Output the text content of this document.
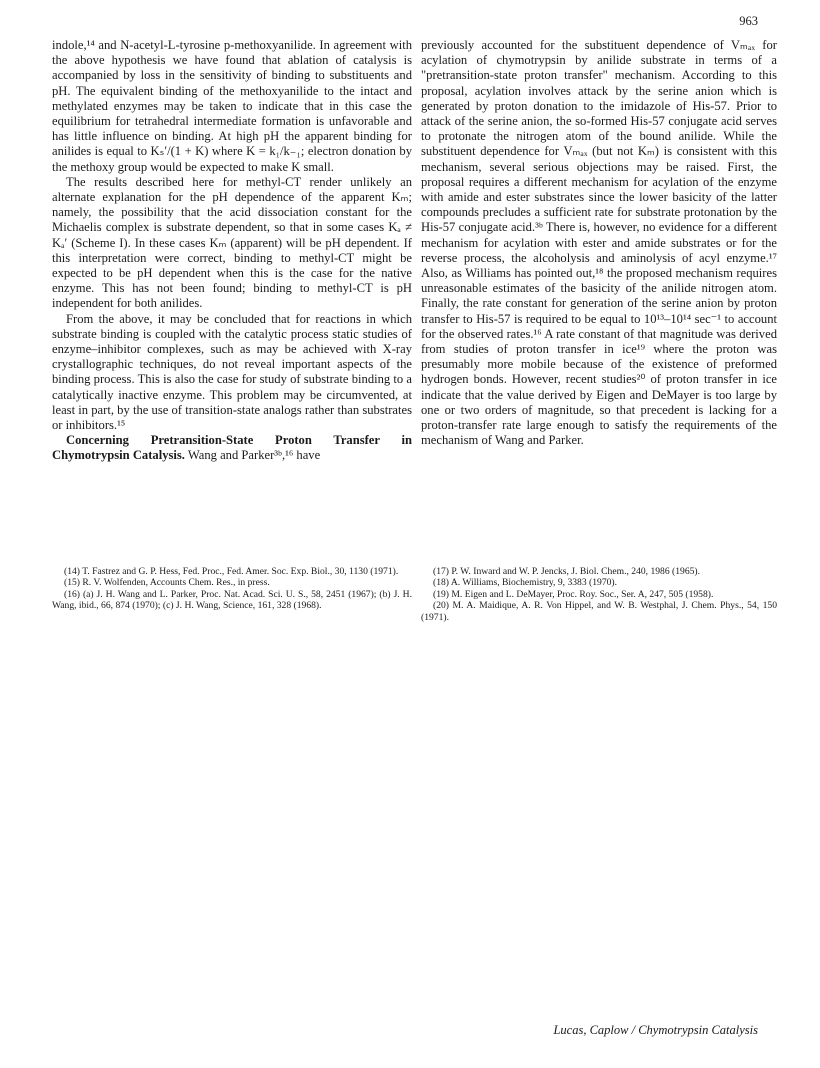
963

indole,¹⁴ and N-acetyl-L-tyrosine p-methoxyanilide. In agreement with the above hypothesis we have found that ablation of catalysis is accompanied by loss in the sensitivity of binding to substituents and pH. The equivalent binding of the methoxyanilide to the intact and methylated enzymes may be taken to indicate that in this case the equilibrium for tetrahedral intermediate formation is unfavorable and has little influence on binding. At high pH the apparent binding for anilides is equal to Kₛ′/(1 + K) where K = k₁/k₋₁; electron donation by the methoxy group would be expected to make K small.

The results described here for methyl-CT render unlikely an alternate explanation for the pH dependence of the apparent Kₘ; namely, the possibility that the acid dissociation constant for the Michaelis complex is substrate dependent, so that in some cases Kₐ ≠ Kₐ′ (Scheme I). In these cases Kₘ (apparent) will be pH dependent. If this interpretation were correct, binding to methyl-CT might be expected to be pH dependent when this is the case for the native enzyme. This has not been found; binding to methyl-CT is pH independent for both anilides.

From the above, it may be concluded that for reactions in which substrate binding is coupled with the catalytic process static studies of enzyme–inhibitor complexes, such as may be achieved with X-ray crystallographic techniques, do not reveal important aspects of the binding process. This is also the case for study of substrate binding to a catalytically inactive enzyme. This problem may be circumvented, at least in part, by the use of transition-state analogs rather than substrates or inhibitors.¹⁵

Concerning Pretransition-State Proton Transfer in Chymotrypsin Catalysis. Wang and Parker³ᵇ,¹⁶ have

previously accounted for the substituent dependence of Vₘₐₓ for acylation of chymotrypsin by anilide substrate in terms of a "pretransition-state proton transfer" mechanism. According to this proposal, acylation involves attack by the serine anion which is generated by proton donation to the imidazole of His-57. Prior to attack of the serine anion, the so-formed His-57 conjugate acid serves to protonate the nitrogen atom of the bound anilide. While the substituent dependence for Vₘₐₓ (but not Kₘ) is consistent with this mechanism, several serious objections may be raised. First, the proposal requires a different mechanism for acylation of the enzyme with amide and ester substrates since the lower basicity of the latter compounds precludes a sufficient rate for substrate protonation by the His-57 conjugate acid.³ᵇ There is, however, no evidence for a different mechanism for acylation with ester and amide substrates or for the reverse process, the alcoholysis and aminolysis of acyl enzyme.¹⁷ Also, as Williams has pointed out,¹⁸ the proposed mechanism requires unreasonable estimates of the basicity of the anilide nitrogen atom. Finally, the rate constant for generation of the serine anion by proton transfer to His-57 is required to be equal to 10¹³–10¹⁴ sec⁻¹ to account for the observed rates.¹⁶ A rate constant of that magnitude was derived from studies of proton transfer in ice¹⁹ where the proton was presumably more mobile because of the existence of preformed hydrogen bonds. However, recent studies²⁰ of proton transfer in ice indicate that the value derived by Eigen and DeMayer is too large by one or two orders of magnitude, so that precedent is lacking for a proton-transfer rate large enough to satisfy the requirements of the mechanism of Wang and Parker.

(14) T. Fastrez and G. P. Hess, Fed. Proc., Fed. Amer. Soc. Exp. Biol., 30, 1130 (1971).

(15) R. V. Wolfenden, Accounts Chem. Res., in press.

(16) (a) J. H. Wang and L. Parker, Proc. Nat. Acad. Sci. U. S., 58, 2451 (1967); (b) J. H. Wang, ibid., 66, 874 (1970); (c) J. H. Wang, Science, 161, 328 (1968).

(17) P. W. Inward and W. P. Jencks, J. Biol. Chem., 240, 1986 (1965).

(18) A. Williams, Biochemistry, 9, 3383 (1970).

(19) M. Eigen and L. DeMayer, Proc. Roy. Soc., Ser. A, 247, 505 (1958).

(20) M. A. Maidique, A. R. Von Hippel, and W. B. Westphal, J. Chem. Phys., 54, 150 (1971).

Lucas, Caplow / Chymotrypsin Catalysis
